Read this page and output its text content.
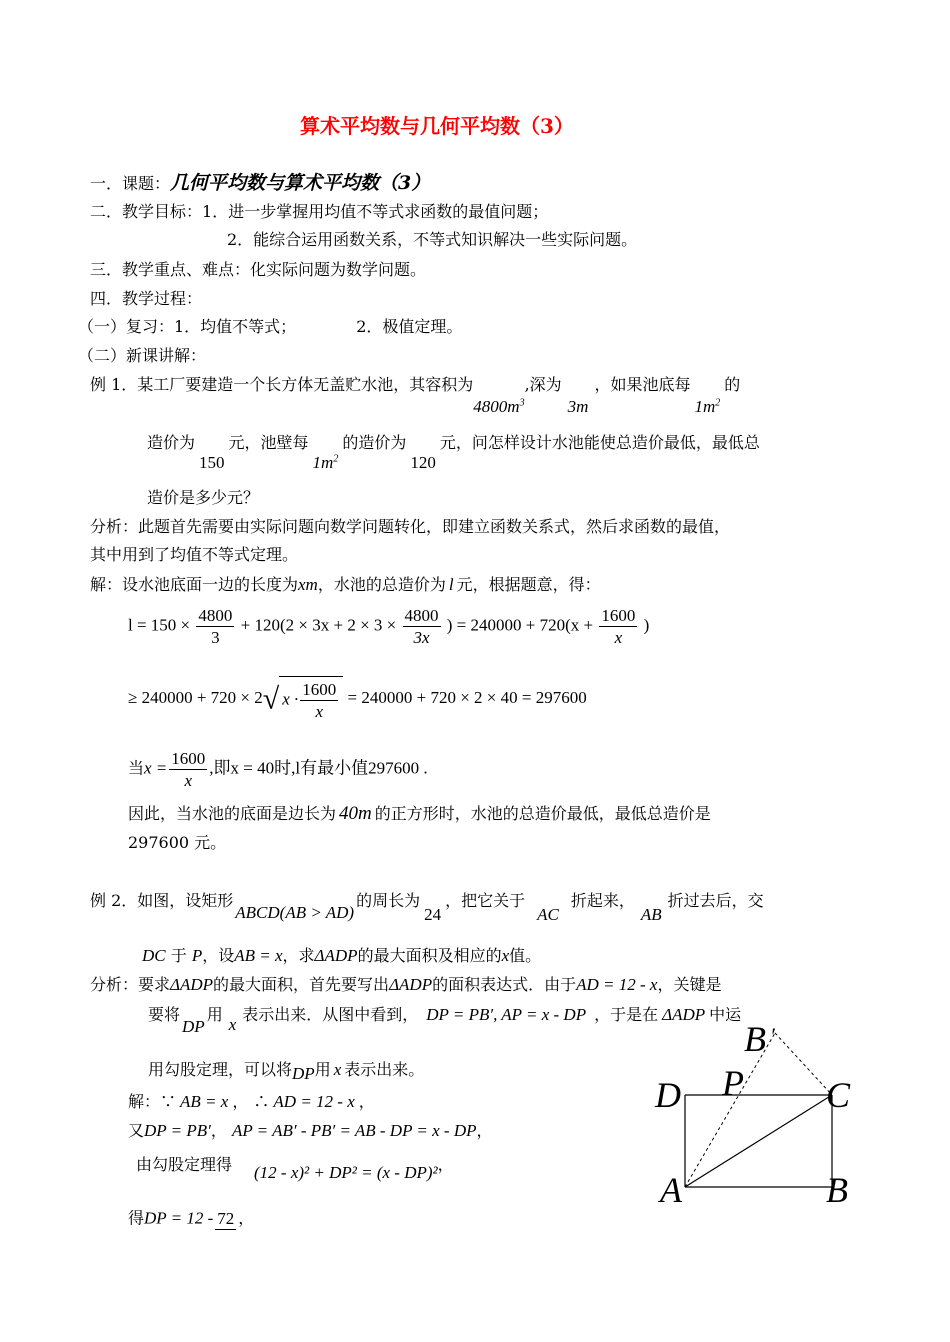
算术平均数与几何平均数（3）
一．课题：几何平均数与算术平均数（3）
二．教学目标：1．进一步掌握用均值不等式求函数的最值问题；
2．能综合运用函数关系，不等式知识解决一些实际问题。
三．教学重点、难点：化实际问题为数学问题。
四．教学过程：
（一）复习：1．均值不等式；	2．极值定理。
（二）新课讲解：
例 1．某工厂要建造一个长方体无盖贮水池，其容积为$4800m^3$,深为3m，如果池底每$1m^2$的
造价为150元，池壁每$1m^2$的造价为120元，问怎样设计水池能使总造价最低，最低总
造价是多少元？
分析：此题首先需要由实际问题向数学问题转化，即建立函数关系式，然后求函数的最值，
其中用到了均值不等式定理。
解：设水池底面一边的长度为xm，水池的总造价为 l 元，根据题意，得：
$l = 150 \times \frac{4800}{3} + 120(2 \times 3x + 2 \times 3 \times \frac{4800}{3x}$ ) = $240000 + 720(x + \frac{1600}{x}$ )
≥ 240000 + 720 × 2√ $x \cdot \frac{1600}{x} = 240000 + 720 \times 2 \times 40 = 297600$
当$x = \frac{1600}{x}$ ,即x = 40时,l有最小值297600 .
因此，当水池的底面是边长为 40m 的正方形时，水池的总造价最低，最低总造价是
297600 元。
例 2．如图，设矩形ABCD(AB > AD)的周长为24，把它关于AC折起来，AB折过去后，交
DC 于 P，设AB = x，求ΔADP的最大面积及相应的x值。
分析：要求ΔADP的最大面积，首先要写出ΔADP的面积表达式．由于AD = 12 - x，关键是
要将DP用x表示出来．从图中看到， DP = PB′, AP = x - DP ，于是在 ΔADP 中运
用勾股定理，可以将DP用 x 表示出来。
解：∵ AB = x ， ∴ AD = 12 - x ，
又DP = PB′， AP = AB′ - PB′ = AB - DP = x - DP，
由勾股定理得 (12 - x)² + DP² = (x - DP)²，
得DP = 12 - 72 ，
D P C
A	B
B ′
